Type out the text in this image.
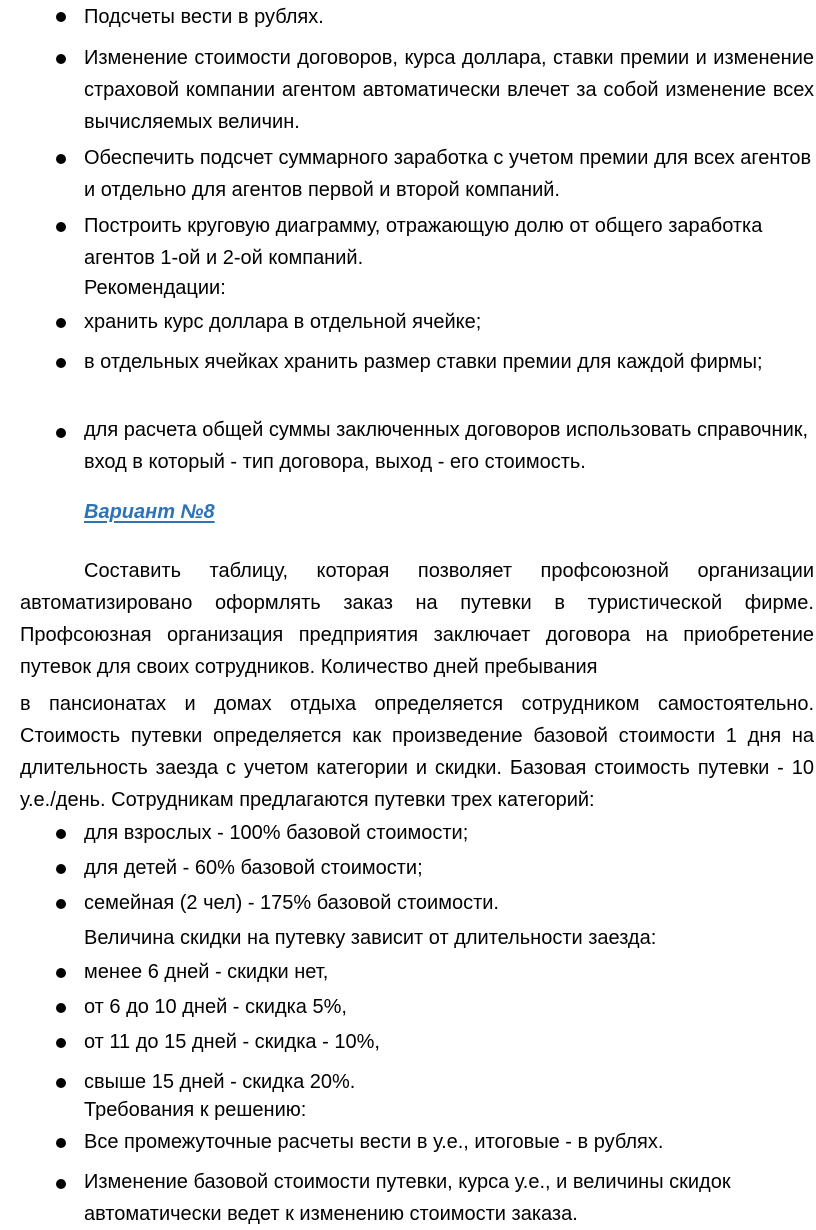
Подсчеты вести в рублях.

Изменение стоимости договоров, курса доллара, ставки премии и изменение страховой компании агентом автоматически влечет за собой изменение всех вычисляемых величин.

Обеспечить подсчет суммарного заработка с учетом премии для всех агентов и отдельно для агентов первой и второй компаний.

Построить круговую диаграмму, отражающую долю от общего заработка агентов 1-ой и 2-ой компаний.

Рекомендации:

хранить курс доллара в отдельной ячейке;

в отдельных ячейках хранить размер ставки премии для каждой фирмы;

для расчета общей суммы заключенных договоров использовать справочник, вход в который - тип договора, выход - его стоимость.

Вариант №8

Составить таблицу, которая позволяет профсоюзной организации автоматизировано оформлять заказ на путевки в туристической фирме. Профсоюзная организация предприятия заключает договора на приобретение путевок для своих сотрудников. Количество дней пребывания

в пансионатах и домах отдыха определяется сотрудником самостоятельно. Стоимость путевки определяется как произведение базовой стоимости 1 дня на длительность заезда с учетом категории и скидки. Базовая стоимость путевки - 10 у.е./день. Сотрудникам предлагаются путевки трех категорий:

для взрослых - 100% базовой стоимости;

для детей - 60% базовой стоимости;

семейная (2 чел) - 175% базовой стоимости.

Величина скидки на путевку зависит от длительности заезда:

менее 6 дней - скидки нет,

от 6 до 10 дней - скидка 5%,

от 11 до 15 дней - скидка - 10%,

свыше 15 дней - скидка 20%.

Требования к решению:

Все промежуточные расчеты вести в у.е., итоговые - в рублях.

Изменение базовой стоимости путевки, курса у.е., и величины скидок автоматически ведет к изменению стоимости заказа.
